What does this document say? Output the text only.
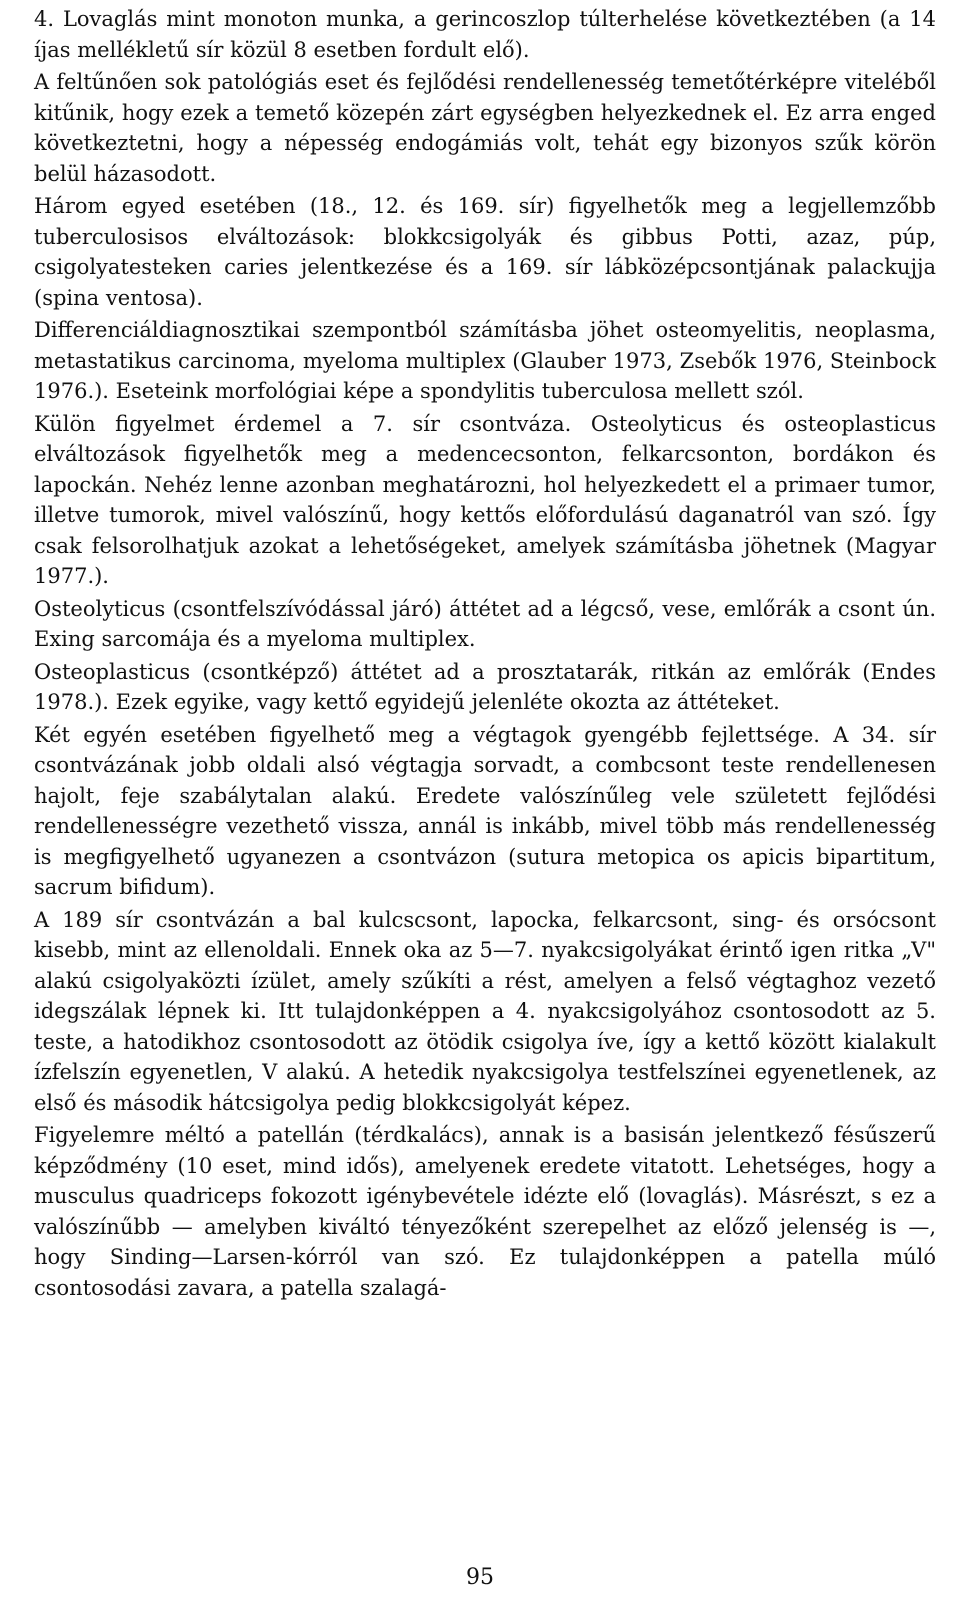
4. Lovaglás mint monoton munka, a gerincoszlop túlterhelése következtében (a 14 íjas mellékletű sír közül 8 esetben fordult elő).

A feltűnően sok patológiás eset és fejlődési rendellenesség temetőtérképre viteléből kitűnik, hogy ezek a temető közepén zárt egységben helyezkednek el. Ez arra enged következtetni, hogy a népesség endogámiás volt, tehát egy bizonyos szűk körön belül házasodott.

Három egyed esetében (18., 12. és 169. sír) figyelhetők meg a legjellemzőbb tuberculosisos elváltozások: blokkcsigolyák és gibbus Potti, azaz, púp, csigolyatesteken caries jelentkezése és a 169. sír lábközépcsontjának palackujja (spina ventosa).

Differenciáldiagnosztikai szempontból számításba jöhet osteomyelitis, neoplasma, metastatikus carcinoma, myeloma multiplex (Glauber 1973, Zsebők 1976, Steinbock 1976.). Eseteink morfológiai képe a spondylitis tuberculosa mellett szól.

Külön figyelmet érdemel a 7. sír csontváza. Osteolyticus és osteoplasticus elváltozások figyelhetők meg a medencecsonton, felkarcsonton, bordákon és lapockán. Nehéz lenne azonban meghatározni, hol helyezkedett el a primaer tumor, illetve tumorok, mivel valószínű, hogy kettős előfordulású daganatról van szó. Így csak felsorolhatjuk azokat a lehetőségeket, amelyek számításba jöhetnek (Magyar 1977.).

Osteolyticus (csontfelszívódással járó) áttétet ad a légcső, vese, emlőrák a csont ún. Exing sarcomája és a myeloma multiplex.

Osteoplasticus (csontképző) áttétet ad a prosztatarák, ritkán az emlőrák (Endes 1978.). Ezek egyike, vagy kettő egyidejű jelenléte okozta az áttéteket.

Két egyén esetében figyelhető meg a végtagok gyengébb fejlettsége. A 34. sír csontvázának jobb oldali alsó végtagja sorvadt, a combcsont teste rendellenesen hajolt, feje szabálytalan alakú. Eredete valószínűleg vele született fejlődési rendellenességre vezethető vissza, annál is inkább, mivel több más rendellenesség is megfigyelhető ugyanezen a csontvázon (sutura metopica os apicis bipartitum, sacrum bifidum).

A 189 sír csontvázán a bal kulcscsont, lapocka, felkarcsont, sing- és orsócsont kisebb, mint az ellenoldali. Ennek oka az 5—7. nyakcsigolyákat érintő igen ritka „V" alakú csigolyaközti ízület, amely szűkíti a rést, amelyen a felső végtaghoz vezető idegszálak lépnek ki. Itt tulajdonképpen a 4. nyakcsigolyához csontosodott az 5. teste, a hatodikhoz csontosodott az ötödik csigolya íve, így a kettő között kialakult ízfelszín egyenetlen, V alakú. A hetedik nyakcsigolya testfelszínei egyenetlenek, az első és második hátcsigolya pedig blokkcsigolyát képez.

Figyelemre méltó a patellán (térdkalács), annak is a basisán jelentkező fésűszerű képződmény (10 eset, mind idős), amelyenek eredete vitatott. Lehetséges, hogy a musculus quadriceps fokozott igénybevétele idézte elő (lovaglás). Másrészt, s ez a valószínűbb — amelyben kiváltó tényezőként szerepelhet az előző jelenség is —, hogy Sinding—Larsen-kórról van szó. Ez tulajdonképpen a patella múló csontosodási zavara, a patella szalagá-

95
